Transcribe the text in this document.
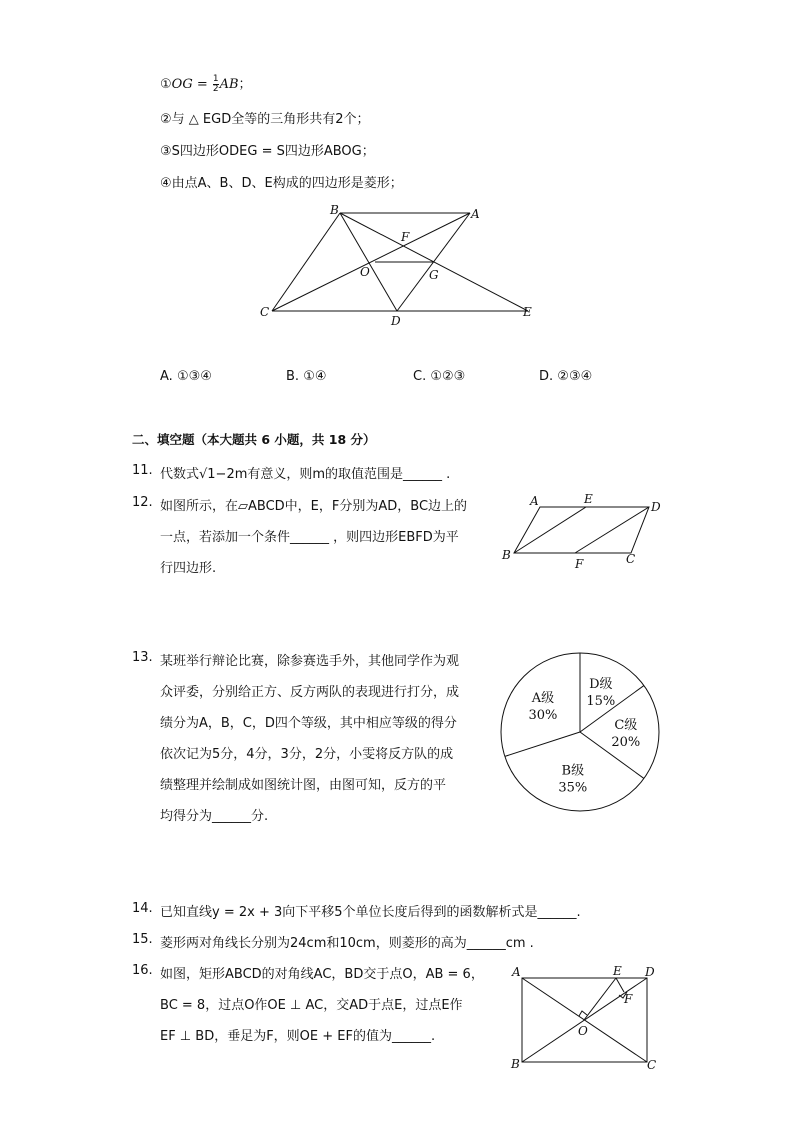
①OG = $\frac{1}{2}$ AB；
②与 △ EGD全等的三角形共有2个；
③S四边形ODEG = S四边形ABOG；
④由点A、B、D、E构成的四边形是菱形；
B	A
F
O	G
C
D
E
A. ①③④	B. ①④	C. ①②③	D. ②③④
二、填空题（本大题共 6 小题，共 18 分）
11. 代数式√1−2m有意义，则m的取值范围是______ .
12. 如图所示，在▱ABCD中，E，F分别为AD，BC边上的
一点，若添加一个条件______ ，则四边形EBFD为平
行四边形.
A	E
D
B
F	C
13. 某班举行辩论比赛，除参赛选手外，其他同学作为观
众评委，分别给正方、反方两队的表现进行打分，成
绩分为A，B，C，D四个等级，其中相应等级的得分
依次记为5分，4分，3分，2分，小雯将反方队的成
绩整理并绘制成如图统计图，由图可知，反方的平
均得分为______分.
D级
15%
C级
20%
B级
35%
A级
30%
14. 已知直线y = 2x + 3向下平移5个单位长度后得到的函数解析式是______.
15. 菱形两对角线长分别为24cm和10cm，则菱形的高为______cm .
16. 如图，矩形ABCD的对角线AC，BD交于点O，AB = 6，
BC = 8，过点O作OE ⊥ AC，交AD于点E，过点E作
EF ⊥ BD，垂足为F，则OE + EF的值为______.
A	E D
F
O
B	C
